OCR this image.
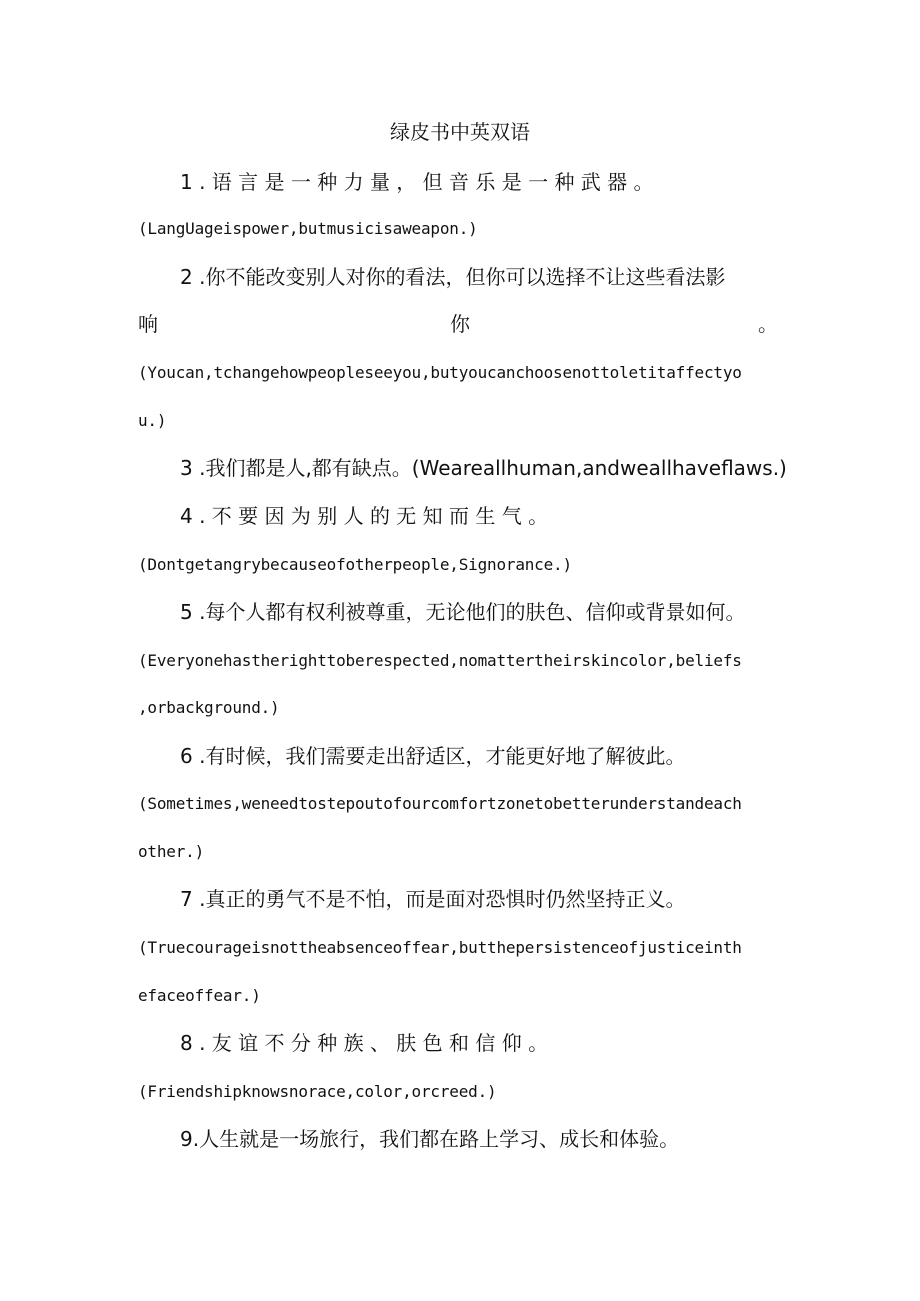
绿皮书中英双语
1 . 语 言 是 一 种 力 量 ， 但 音 乐 是 一 种 武 器 。
(LangUageispower,butmusicisaweapon.)
2 .你不能改变别人对你的看法，但你可以选择不让这些看法影
响	你	。
(Youcan,tchangehowpeopleseeyou,butyoucanchoosenottoletitaffectyo
u.)
3 .我们都是人,都有缺点。(Weareallhuman,andweallhaveflaws.)
4 . 不 要 因 为 别 人 的 无 知 而 生 气 。
(Dontgetangrybecauseofotherpeople,Signorance.)
5 .每个人都有权利被尊重，无论他们的肤色、信仰或背景如何。
(Everyonehastherighttoberespected,nomattertheirskincolor,beliefs
,orbackground.)
6 .有时候，我们需要走出舒适区，才能更好地了解彼此。
(Sometimes,weneedtostepoutofourcomfortzonetobetterunderstandeach
other.)
7 .真正的勇气不是不怕，而是面对恐惧时仍然坚持正义。
(Truecourageisnottheabsenceoffear,butthepersistenceofjusticeinth
efaceoffear.)
8 . 友 谊 不 分 种 族 、 肤 色 和 信 仰 。
(Friendshipknowsnorace,color,orcreed.)
9.人生就是一场旅行，我们都在路上学习、成长和体验。
